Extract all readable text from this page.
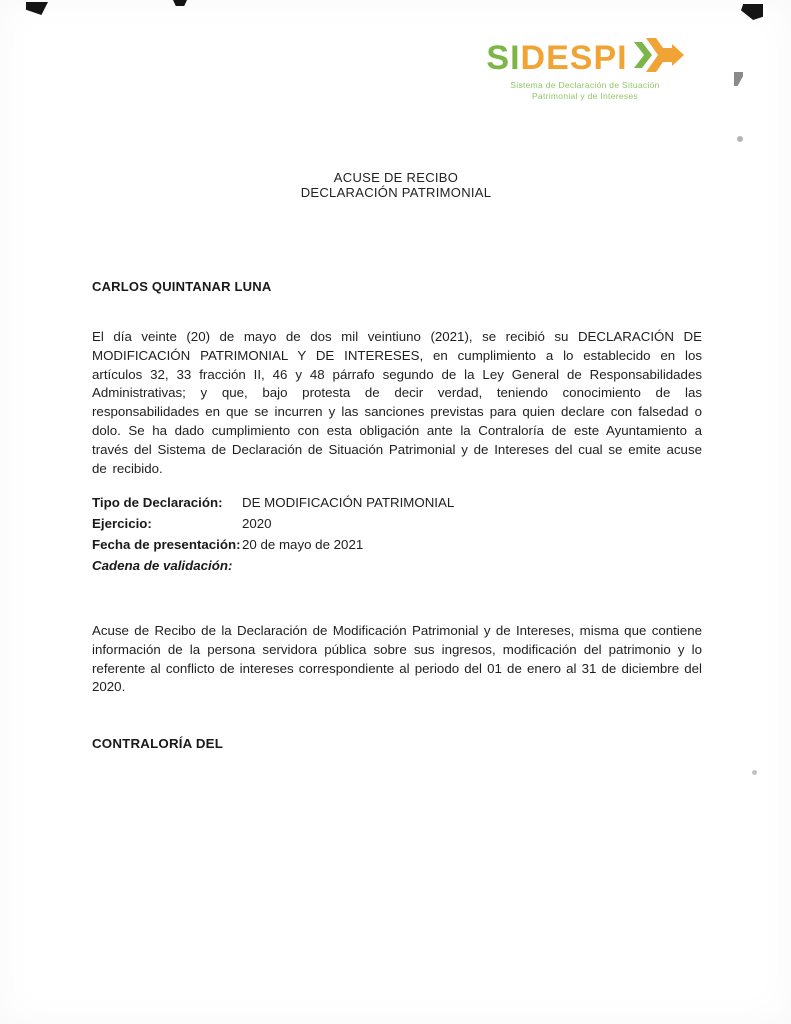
SIDESPI
Sistema de Declaración de Situación
Patrimonial y de Intereses
ACUSE DE RECIBO
DECLARACIÓN PATRIMONIAL
CARLOS QUINTANAR LUNA

El día veinte (20) de mayo de dos mil veintiuno (2021), se recibió su DECLARACIÓN DE MODIFICACIÓN PATRIMONIAL Y DE INTERESES, en cumplimiento a lo establecido en los artículos 32, 33 fracción II, 46 y 48 párrafo segundo de la Ley General de Responsabilidades Administrativas; y que, bajo protesta de decir verdad, teniendo conocimiento de las responsabilidades en que se incurren y las sanciones previstas para quien declare con falsedad o dolo. Se ha dado cumplimiento con esta obligación ante la Contraloría de este Ayuntamiento a través del Sistema de Declaración de Situación Patrimonial y de Intereses del cual se emite acuse de recibido.

Tipo de Declaración:	DE MODIFICACIÓN PATRIMONIAL
Ejercicio:	2020
Fecha de presentación: 20 de mayo de 2021
Cadena de validación:

Acuse de Recibo de la Declaración de Modificación Patrimonial y de Intereses, misma que contiene información de la persona servidora pública sobre sus ingresos, modificación del patrimonio y lo referente al conflicto de intereses correspondiente al periodo del 01 de enero al 31 de diciembre del 2020.

CONTRALORÍA DEL
